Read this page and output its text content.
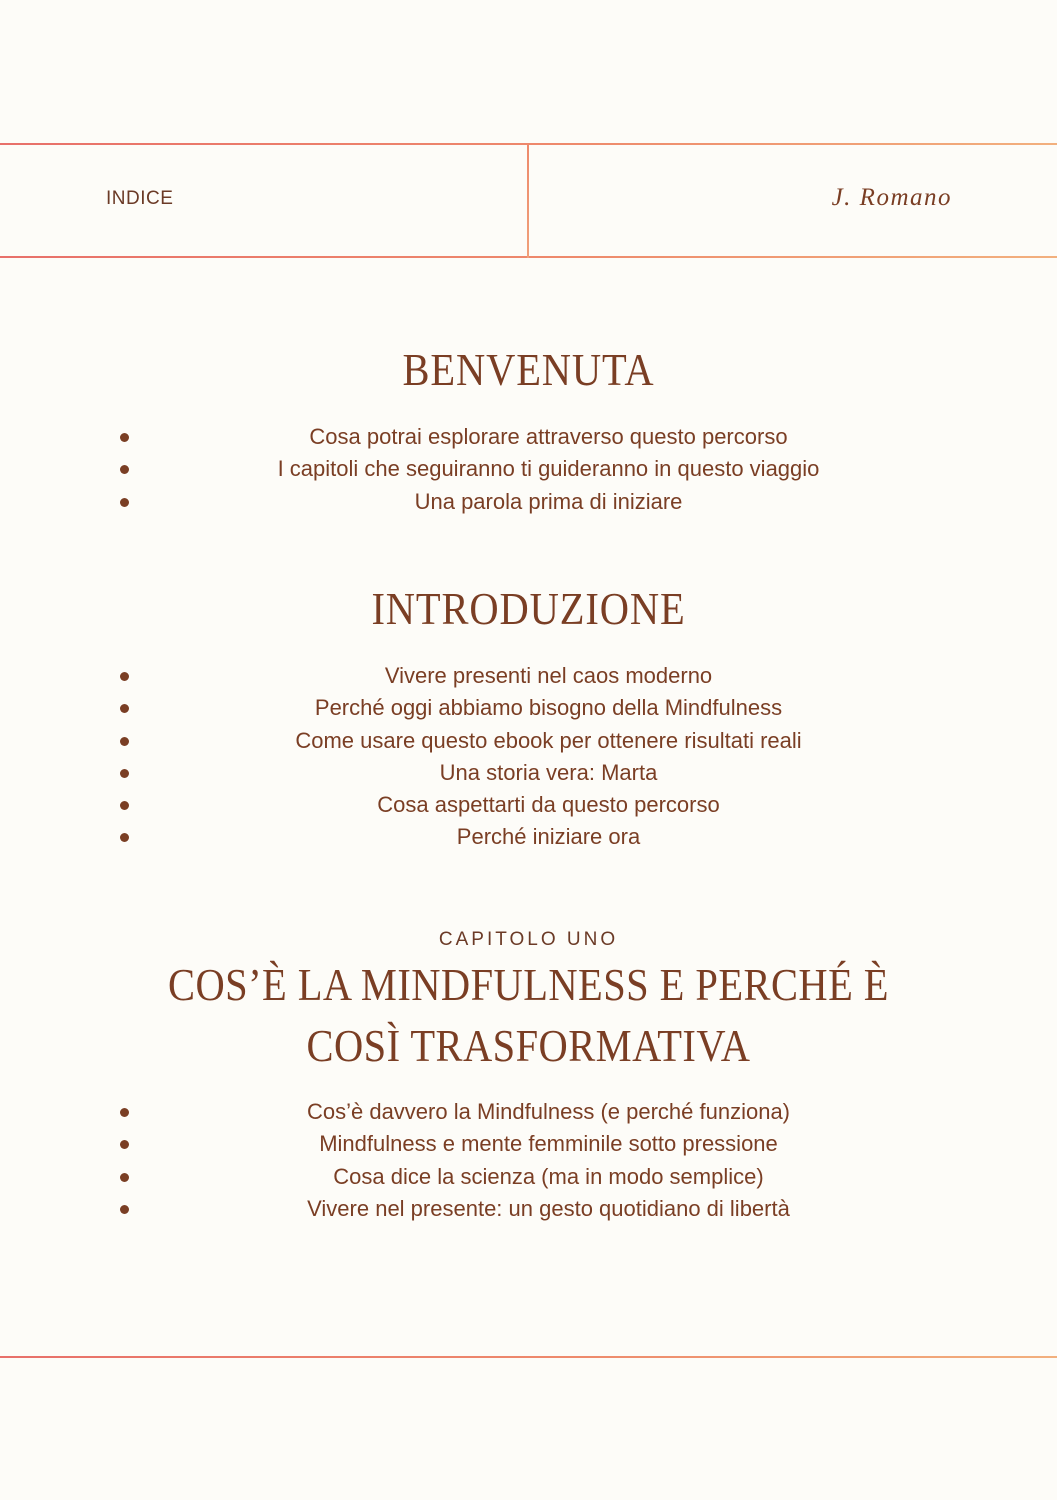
INDICE	J. Romano
BENVENUTA
Cosa potrai esplorare attraverso questo percorso
I capitoli che seguiranno ti guideranno in questo viaggio
Una parola prima di iniziare
INTRODUZIONE
Vivere presenti nel caos moderno
Perché oggi abbiamo bisogno della Mindfulness
Come usare questo ebook per ottenere risultati reali
Una storia vera: Marta
Cosa aspettarti da questo percorso
Perché iniziare ora
CAPITOLO UNO
COS’È LA MINDFULNESS E PERCHÉ È
COSÌ TRASFORMATIVA
Cos’è davvero la Mindfulness (e perché funziona)
Mindfulness e mente femminile sotto pressione
Cosa dice la scienza (ma in modo semplice)
Vivere nel presente: un gesto quotidiano di libertà
